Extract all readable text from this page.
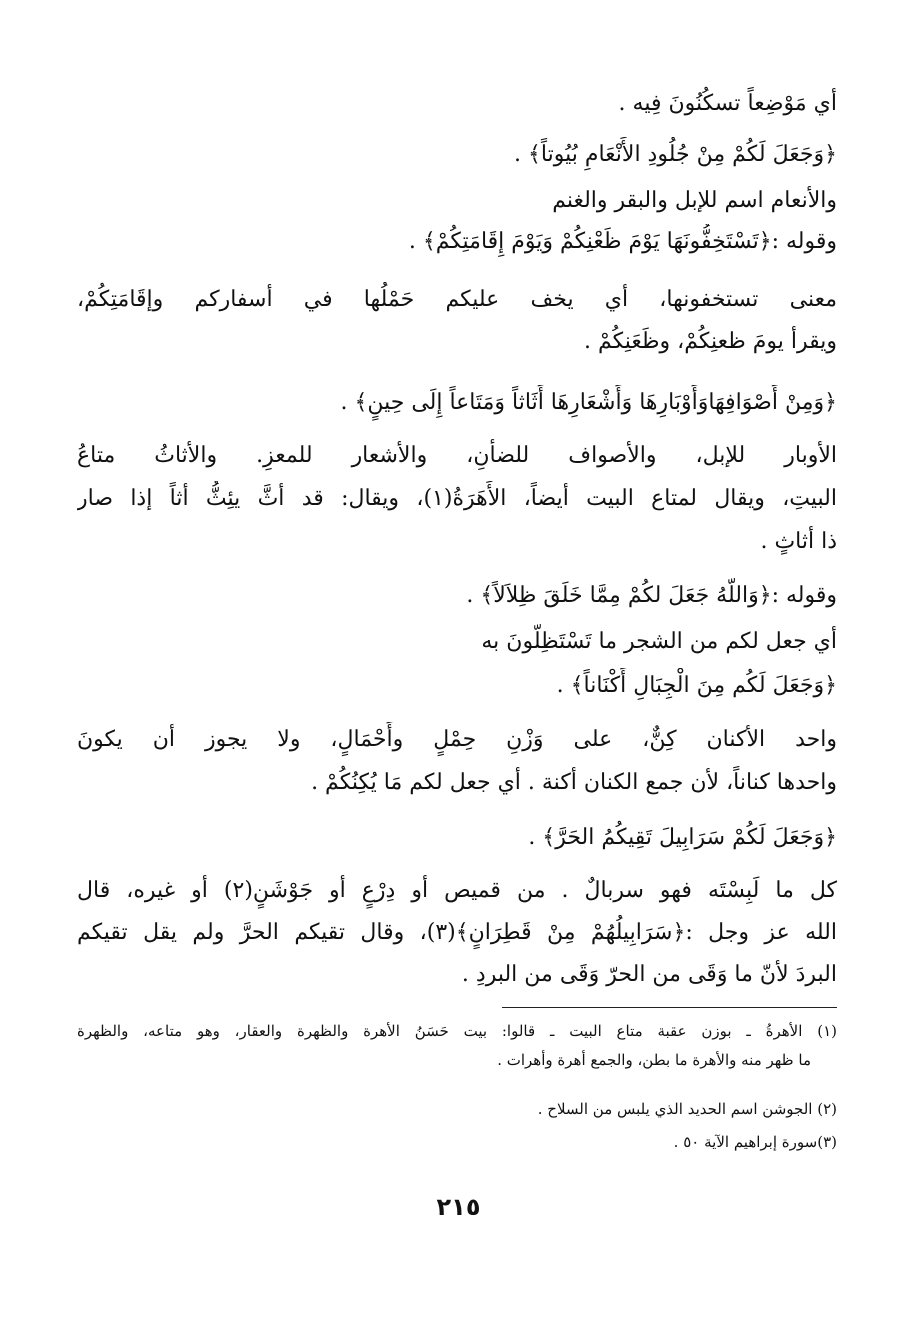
أي مَوْضِعاً تسكُنُونَ فِيه .
﴿وَجَعَلَ لَكُمْ مِنْ جُلُودِ الأَنْعَامِ بُيُوتاً﴾ .
والأنعام اسم للإبل والبقر والغنم
وقوله :﴿تَسْتَخِفُّونَهَا يَوْمَ ظَعْنِكُمْ وَيَوْمَ إِقَامَتِكُمْ﴾ .
معنى تستخفونها، أي يخف عليكم حَمْلُها في أسفاركم وإقَامَتِكُمْ،
ويقرأ يومَ ظعنِكُمْ، وظَعَنِكُمْ .
﴿وَمِنْ أَصْوَافِهَاوَأَوْبَارِهَا وَأَشْعَارِهَا أَثَاثاً وَمَتَاعاً إِلَى حِينٍ﴾ .
الأوبار للإبل، والأصواف للضأنِ، والأشعار للمعزِ. والأثاثُ متاعُ
البيتِ، ويقال لمتاع البيت أيضاً، الأَهَرَةُ(١)، ويقال: قد أثَّ يئِثُّ أثاً إذا صار
ذا أثاثٍ .
وقوله :﴿وَاللَّهُ جَعَلَ لكُمْ مِمَّا خَلَقَ ظِلاَلاً﴾ .
أي جعل لكم من الشجر ما تَسْتَظِلُّونَ به
﴿وَجَعَلَ لَكُم مِنَ الْجِبَالِ أَكْنَاناً﴾ .
واحد الأكنان كِنٌّ، على وَزْنِ حِمْلٍ وأَحْمَالٍ، ولا يجوز أن يكونَ
واحدها كناناً، لأن جمع الكنان أكنة . أي جعل لكم مَا يُكِنُكُمْ .
﴿وَجَعَلَ لَكُمْ سَرَابِيلَ تَقِيكُمُ الحَرَّ﴾ .
كل ما لَبِسْتَه فهو سربالٌ . من قميص أو دِرْعٍ أو جَوْشَنٍ(٢) أو غيره، قال
الله عز وجل :﴿سَرَابِيلُهُمْ مِنْ قَطِرَانٍ﴾(٣)، وقال تقيكم الحرَّ ولم يقل تقيكم
البردَ لأنّ ما وَقَى من الحرّ وَقَى من البردِ .
(١) الأهرةُ ـ بوزن عقبة متاع البيت ـ قالوا: بيت حَسَنُ الأهرة والظهرة والعقار، وهو متاعه، والظهرة
ما ظهر منه والأهرة ما بطن، والجمع أهرة وأهرات .
(٢) الجوشن اسم الحديد الذي يلبس من السلاح .
(٣)سورة إبراهيم الآية ٥٠ .
٢١٥
